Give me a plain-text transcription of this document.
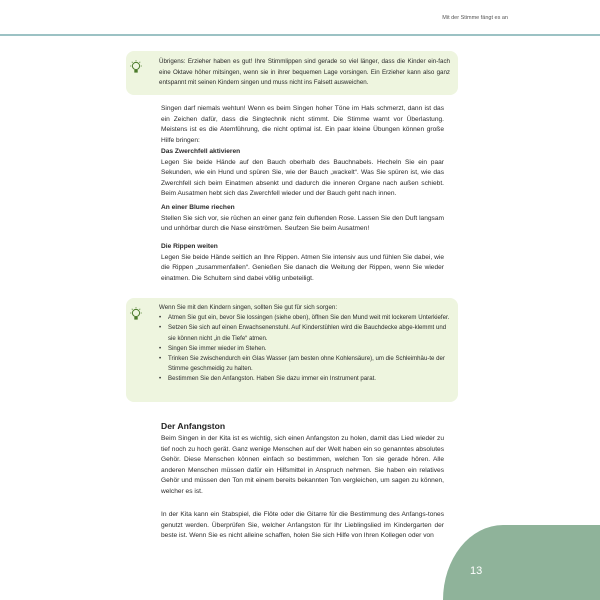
Mit der Stimme fängt es an

Übrigens: Erzieher haben es gut! Ihre Stimmlippen sind gerade so viel länger, dass die Kinder ein-fach eine Oktave höher mitsingen, wenn sie in ihrer bequemen Lage vorsingen. Ein Erzieher kann also ganz entspannt mit seinen Kindern singen und muss nicht ins Falsett ausweichen.

Singen darf niemals wehtun! Wenn es beim Singen hoher Töne im Hals schmerzt, dann ist das ein Zeichen dafür, dass die Singtechnik nicht stimmt. Die Stimme warnt vor Überlastung. Meistens ist es die Atemführung, die nicht optimal ist. Ein paar kleine Übungen können große Hilfe bringen:

Das Zwerchfell aktivieren

Legen Sie beide Hände auf den Bauch oberhalb des Bauchnabels. Hecheln Sie ein paar Sekunden, wie ein Hund und spüren Sie, wie der Bauch „wackelt“. Was Sie spüren ist, wie das Zwerchfell sich beim Einatmen absenkt und dadurch die inneren Organe nach außen schiebt. Beim Ausatmen hebt sich das Zwerchfell wieder und der Bauch geht nach innen.

An einer Blume riechen

Stellen Sie sich vor, sie rüchen an einer ganz fein duftenden Rose. Lassen Sie den Duft langsam und unhörbar durch die Nase einströmen. Seufzen Sie beim Ausatmen!

Die Rippen weiten

Legen Sie beide Hände seitlich an Ihre Rippen. Atmen Sie intensiv aus und fühlen Sie dabei, wie die Rippen „zusammenfallen“. Genießen Sie danach die Weitung der Rippen, wenn Sie wieder einatmen. Die Schultern sind dabei völlig unbeteiligt.

Wenn Sie mit den Kindern singen, sollten Sie gut für sich sorgen:
• Atmen Sie gut ein, bevor Sie lossingen (siehe oben), öffnen Sie den Mund weit mit lockerem Unterkiefer.
• Setzen Sie sich auf einen Erwachsenenstuhl. Auf Kinderstühlen wird die Bauchdecke abge-klemmt und sie können nicht „in die Tiefe“ atmen.
• Singen Sie immer wieder im Stehen.
• Trinken Sie zwischendurch ein Glas Wasser (am besten ohne Kohlensäure), um die Schleimhäu-te der Stimme geschmeidig zu halten.
• Bestimmen Sie den Anfangston. Haben Sie dazu immer ein Instrument parat.
Der Anfangston

Beim Singen in der Kita ist es wichtig, sich einen Anfangston zu holen, damit das Lied wieder zu tief noch zu hoch gerät. Ganz wenige Menschen auf der Welt haben ein so genanntes absolutes Gehör. Diese Menschen können einfach so bestimmen, welchen Ton sie gerade hören. Alle anderen Menschen müssen dafür ein Hilfsmittel in Anspruch nehmen. Sie haben ein relatives Gehör und müssen den Ton mit einem bereits bekannten Ton vergleichen, um sagen zu können, welcher es ist.

In der Kita kann ein Stabspiel, die Flöte oder die Gitarre für die Bestimmung des Anfangs-tones genutzt werden. Überprüfen Sie, welcher Anfangston für Ihr Lieblingslied im Kindergarten der beste ist. Wenn Sie es nicht alleine schaffen, holen Sie sich Hilfe von Ihren Kollegen oder von

13
